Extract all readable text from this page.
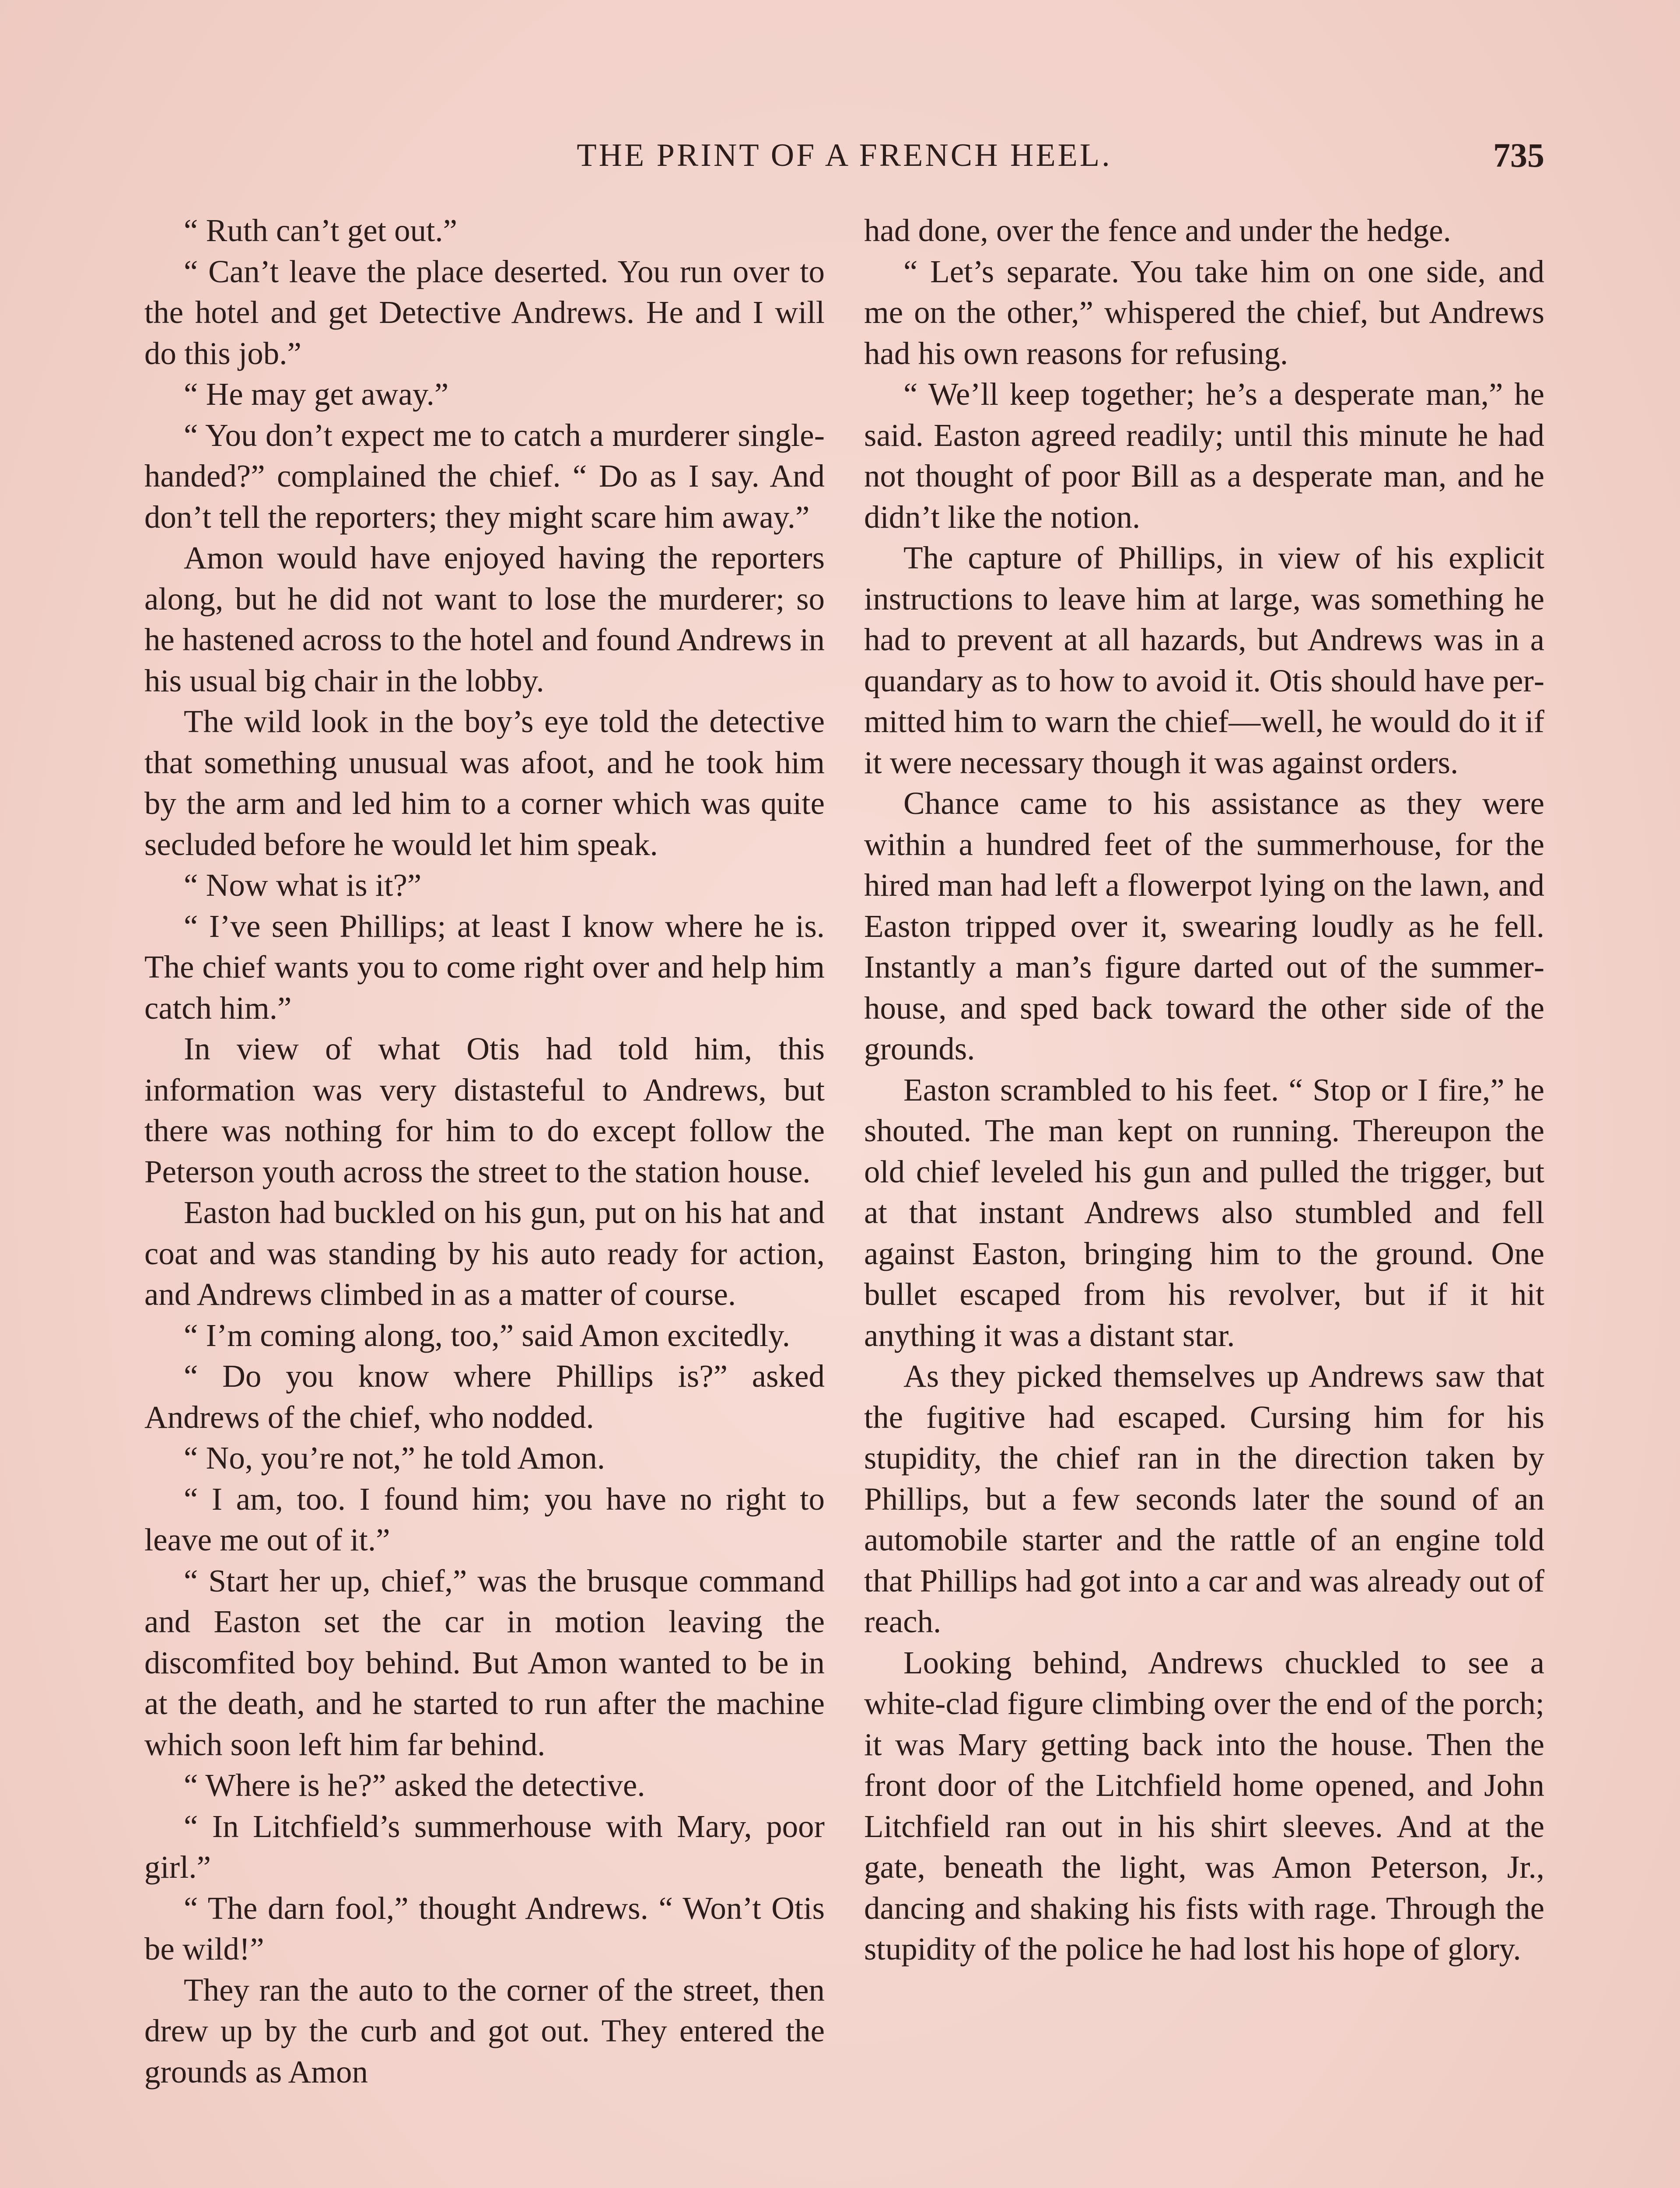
THE PRINT OF A FRENCH HEEL.	735

“ Ruth can’t get out.”

“ Can’t leave the place deserted. You run over to the hotel and get Detective Andrews. He and I will do this job.”

“ He may get away.”

“ You don’t expect me to catch a murderer single-handed?” complained the chief. “ Do as I say. And don’t tell the reporters; they might scare him away.”

Amon would have enjoyed having the reporters along, but he did not want to lose the murderer; so he hastened across to the hotel and found Andrews in his usual big chair in the lobby.

The wild look in the boy’s eye told the detective that something unusual was afoot, and he took him by the arm and led him to a corner which was quite secluded before he would let him speak.

“ Now what is it?”

“ I’ve seen Phillips; at least I know where he is. The chief wants you to come right over and help him catch him.”

In view of what Otis had told him, this information was very distasteful to Andrews, but there was nothing for him to do except follow the Peterson youth across the street to the station house.

Easton had buckled on his gun, put on his hat and coat and was standing by his auto ready for action, and Andrews climbed in as a matter of course.

“ I’m coming along, too,” said Amon excitedly.

“ Do you know where Phillips is?” asked Andrews of the chief, who nodded.

“ No, you’re not,” he told Amon.

“ I am, too. I found him; you have no right to leave me out of it.”

“ Start her up, chief,” was the brusque command and Easton set the car in motion leaving the discomfited boy behind. But Amon wanted to be in at the death, and he started to run after the machine which soon left him far behind.

“ Where is he?” asked the detective.

“ In Litchfield’s summerhouse with Mary, poor girl.”

“ The darn fool,” thought Andrews. “ Won’t Otis be wild!”

They ran the auto to the corner of the street, then drew up by the curb and got out. They entered the grounds as Amon

had done, over the fence and under the hedge.

“ Let’s separate. You take him on one side, and me on the other,” whispered the chief, but Andrews had his own reasons for refusing.

“ We’ll keep together; he’s a desperate man,” he said. Easton agreed readily; until this minute he had not thought of poor Bill as a desperate man, and he didn’t like the notion.

The capture of Phillips, in view of his explicit instructions to leave him at large, was something he had to prevent at all hazards, but Andrews was in a quandary as to how to avoid it. Otis should have permitted him to warn the chief—well, he would do it if it were necessary though it was against orders.

Chance came to his assistance as they were within a hundred feet of the summerhouse, for the hired man had left a flowerpot lying on the lawn, and Easton tripped over it, swearing loudly as he fell. Instantly a man’s figure darted out of the summerhouse, and sped back toward the other side of the grounds.

Easton scrambled to his feet. “ Stop or I fire,” he shouted. The man kept on running. Thereupon the old chief leveled his gun and pulled the trigger, but at that instant Andrews also stumbled and fell against Easton, bringing him to the ground. One bullet escaped from his revolver, but if it hit anything it was a distant star.

As they picked themselves up Andrews saw that the fugitive had escaped. Cursing him for his stupidity, the chief ran in the direction taken by Phillips, but a few seconds later the sound of an automobile starter and the rattle of an engine told that Phillips had got into a car and was already out of reach.

Looking behind, Andrews chuckled to see a white-clad figure climbing over the end of the porch; it was Mary getting back into the house. Then the front door of the Litchfield home opened, and John Litchfield ran out in his shirt sleeves. And at the gate, beneath the light, was Amon Peterson, Jr., dancing and shaking his fists with rage. Through the stupidity of the police he had lost his hope of glory.
